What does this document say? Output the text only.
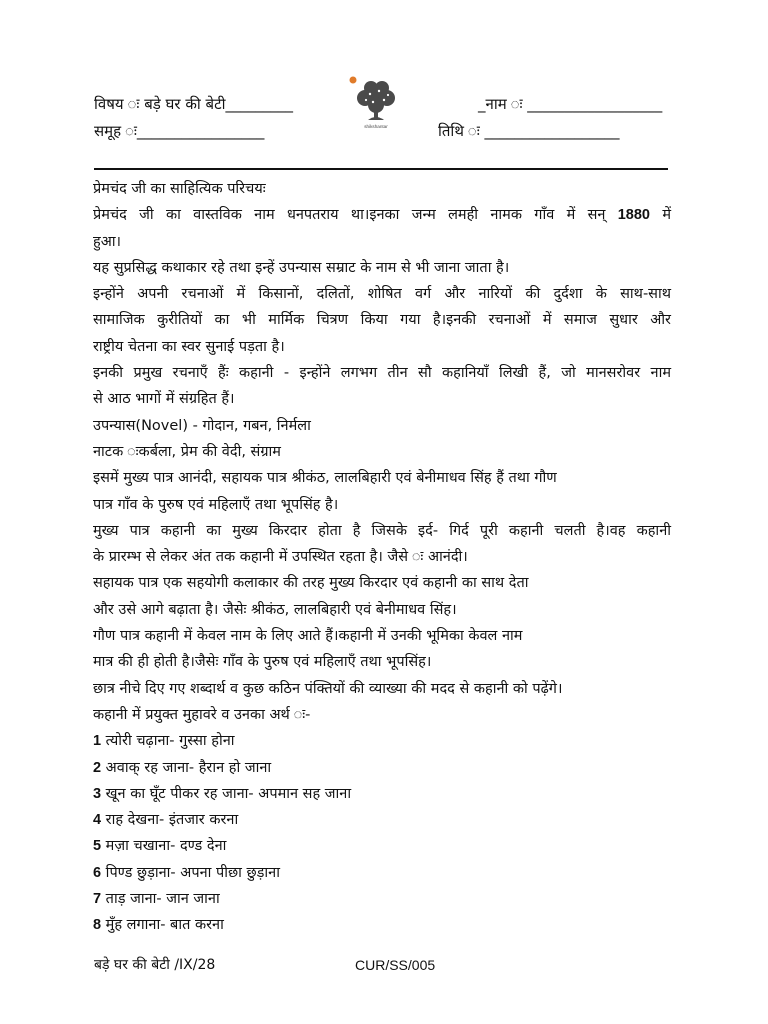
विषय ः बड़े घर की बेटी_________
समूह ः_________________
_नाम ः __________________
तिथि ः __________________
shikshantar

प्रेमचंद जी का साहित्यिक परिचयः

प्रेमचंद जी का वास्तविक नाम धनपतराय था।इनका जन्म लमही नामक गाँव में सन् 1880 में

हुआ।

यह सुप्रसिद्ध कथाकार रहे तथा इन्हें उपन्यास सम्राट के नाम से भी जाना जाता है।

इन्होंने अपनी रचनाओं में किसानों, दलितों, शोषित वर्ग और नारियों की दुर्दशा के साथ-साथ

सामाजिक कुरीतियों का भी मार्मिक चित्रण किया गया है।इनकी रचनाओं में समाज सुधार और

राष्ट्रीय चेतना का स्वर सुनाई पड़ता है।

इनकी प्रमुख रचनाएँ हैंः कहानी - इन्होंने लगभग तीन सौ कहानियाँ लिखी हैं, जो मानसरोवर नाम

से आठ भागों में संग्रहित हैं।

उपन्यास(Novel) - गोदान, गबन, निर्मला

नाटक ःकर्बला, प्रेम की वेदी, संग्राम

इसमें मुख्य पात्र आनंदी, सहायक पात्र श्रीकंठ, लालबिहारी एवं बेनीमाधव सिंह हैं तथा गौण

पात्र गाँव के पुरुष एवं महिलाएँ तथा भूपसिंह है।

मुख्य पात्र कहानी का मुख्य किरदार होता है जिसके इर्द- गिर्द पूरी कहानी चलती है।वह कहानी

के प्रारम्भ से लेकर अंत तक कहानी में उपस्थित रहता है। जैसे ः आनंदी।

सहायक पात्र एक सहयोगी कलाकार की तरह मुख्य किरदार एवं कहानी का साथ देता

और उसे आगे बढ़ाता है। जैसेः श्रीकंठ, लालबिहारी एवं बेनीमाधव सिंह।

गौण पात्र कहानी में केवल नाम के लिए आते हैं।कहानी में उनकी भूमिका केवल नाम

मात्र की ही होती है।जैसेः गाँव के पुरुष एवं महिलाएँ तथा भूपसिंह।

छात्र नीचे दिए गए शब्दार्थ व कुछ कठिन पंक्तियों की व्याख्या की मदद से कहानी को पढ़ेंगे।

कहानी में प्रयुक्त मुहावरे व उनका अर्थ ः-

1 त्योरी चढ़ाना- गुस्सा होना

2 अवाक् रह जाना- हैरान हो जाना

3 खून का घूँट पीकर रह जाना- अपमान सह जाना

4 राह देखना- इंतजार करना

5 मज़ा चखाना- दण्ड देना

6 पिण्ड छुड़ाना- अपना पीछा छुड़ाना

7 ताड़ जाना- जान जाना

8 मुँह लगाना- बात करना

बड़े घर की बेटी /IX/28	CUR/SS/005
